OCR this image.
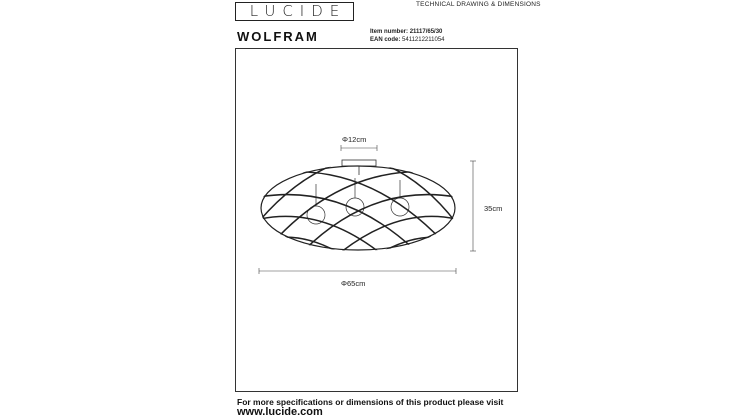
LUCIDE	TECHNICAL DRAWING & DIMENSIONS
WOLFRAM	Item number: 21117/65/30
EAN code: 5411212211054
Φ12cm
Φ65cm
35cm
For more specifications or dimensions of this product please visit
www.lucide.com
